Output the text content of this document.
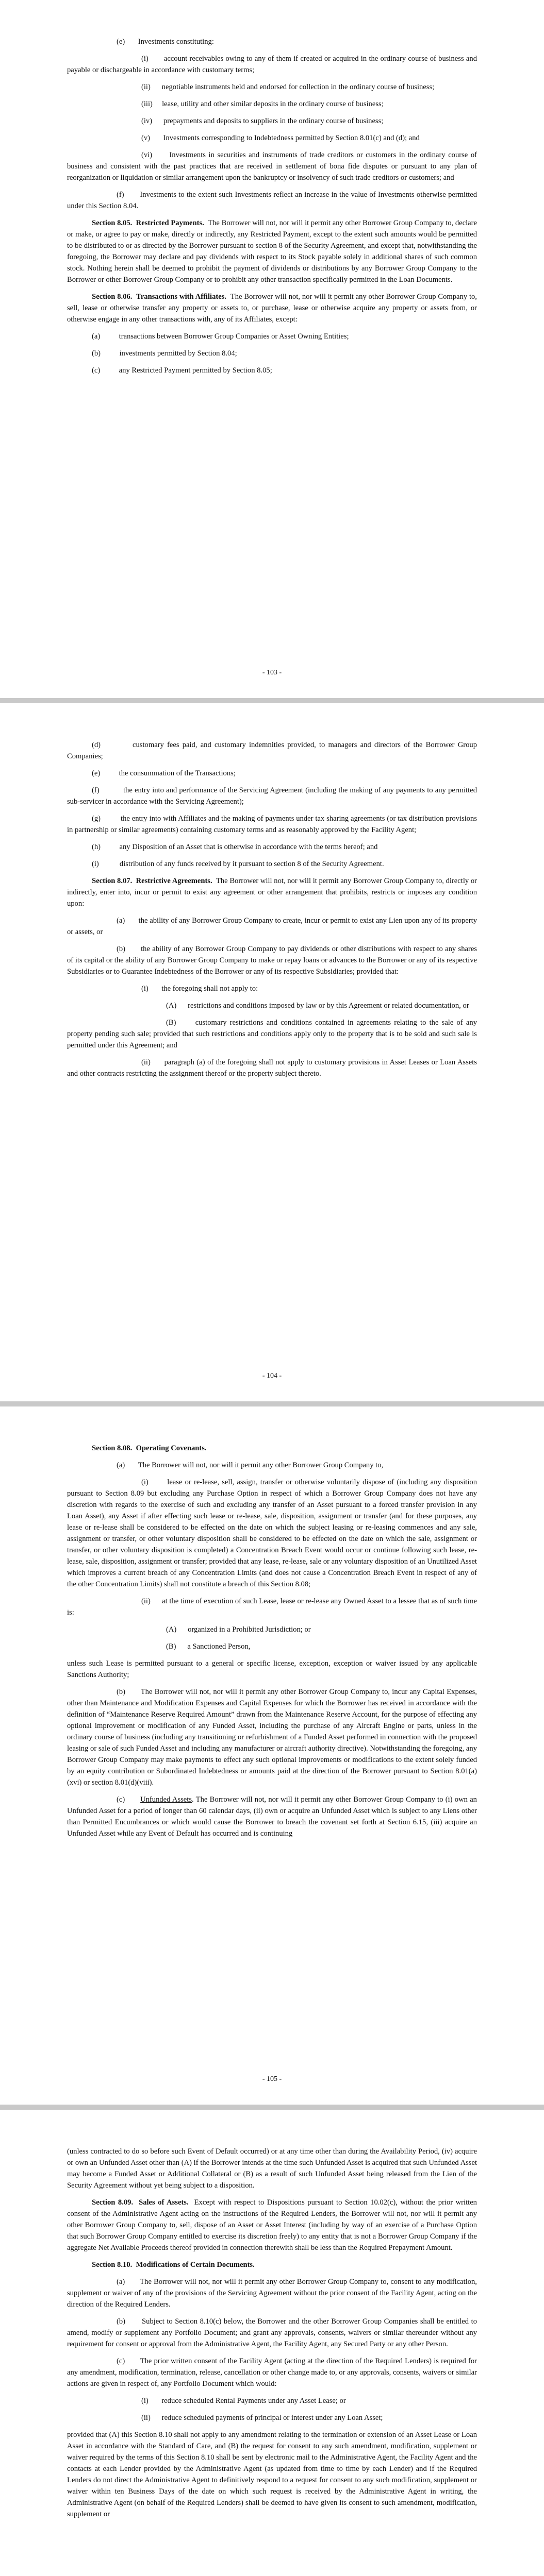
(e)       Investments constituting:

(i)       account receivables owing to any of them if created or acquired in the ordinary course of business and payable or dischargeable in accordance with customary terms;

(ii)      negotiable instruments held and endorsed for collection in the ordinary course of business;

(iii)     lease, utility and other similar deposits in the ordinary course of business;

(iv)      prepayments and deposits to suppliers in the ordinary course of business;

(v)       Investments corresponding to Indebtedness permitted by Section 8.01(c) and (d); and

(vi)      Investments in securities and instruments of trade creditors or customers in the ordinary course of business and consistent with the past practices that are received in settlement of bona fide disputes or pursuant to any plan of reorganization or liquidation or similar arrangement upon the bankruptcy or insolvency of such trade creditors or customers; and

(f)       Investments to the extent such Investments reflect an increase in the value of Investments otherwise permitted under this Section 8.04.

Section 8.05.  Restricted Payments.  The Borrower will not, nor will it permit any other Borrower Group Company to, declare or make, or agree to pay or make, directly or indirectly, any Restricted Payment, except to the extent such amounts would be permitted to be distributed to or as directed by the Borrower pursuant to section 8 of the Security Agreement, and except that, notwithstanding the foregoing, the Borrower may declare and pay dividends with respect to its Stock payable solely in additional shares of such common stock. Nothing herein shall be deemed to prohibit the payment of dividends or distributions by any Borrower Group Company to the Borrower or other Borrower Group Company or to prohibit any other transaction specifically permitted in the Loan Documents.

Section 8.06.  Transactions with Affiliates.  The Borrower will not, nor will it permit any other Borrower Group Company to, sell, lease or otherwise transfer any property or assets to, or purchase, lease or otherwise acquire any property or assets from, or otherwise engage in any other transactions with, any of its Affiliates, except:

(a)          transactions between Borrower Group Companies or Asset Owning Entities;

(b)          investments permitted by Section 8.04;

(c)          any Restricted Payment permitted by Section 8.05;

- 103 -

(d)          customary fees paid, and customary indemnities provided, to managers and directors of the Borrower Group Companies;

(e)          the consummation of the Transactions;

(f)           the entry into and performance of the Servicing Agreement (including the making of any payments to any permitted sub-servicer in accordance with the Servicing Agreement);

(g)          the entry into with Affiliates and the making of payments under tax sharing agreements (or tax distribution provisions in partnership or similar agreements) containing customary terms and as reasonably approved by the Facility Agent;

(h)          any Disposition of an Asset that is otherwise in accordance with the terms hereof; and

(i)           distribution of any funds received by it pursuant to section 8 of the Security Agreement.

Section 8.07.  Restrictive Agreements.  The Borrower will not, nor will it permit any Borrower Group Company to, directly or indirectly, enter into, incur or permit to exist any agreement or other arrangement that prohibits, restricts or imposes any condition upon:

(a)       the ability of any Borrower Group Company to create, incur or permit to exist any Lien upon any of its property or assets, or

(b)       the ability of any Borrower Group Company to pay dividends or other distributions with respect to any shares of its capital or the ability of any Borrower Group Company to make or repay loans or advances to the Borrower or any of its respective Subsidiaries or to Guarantee Indebtedness of the Borrower or any of its respective Subsidiaries; provided that:

(i)       the foregoing shall not apply to:

(A)      restrictions and conditions imposed by law or by this Agreement or related documentation, or

(B)      customary restrictions and conditions contained in agreements relating to the sale of any property pending such sale; provided that such restrictions and conditions apply only to the property that is to be sold and such sale is permitted under this Agreement; and

(ii)      paragraph (a) of the foregoing shall not apply to customary provisions in Asset Leases or Loan Assets and other contracts restricting the assignment thereof or the property subject thereto.

- 104 -

Section 8.08.  Operating Covenants.

(a)       The Borrower will not, nor will it permit any other Borrower Group Company to,

(i)       lease or re-lease, sell, assign, transfer or otherwise voluntarily dispose of (including any disposition pursuant to Section 8.09 but excluding any Purchase Option in respect of which a Borrower Group Company does not have any discretion with regards to the exercise of such and excluding any transfer of an Asset pursuant to a forced transfer provision in any Loan Asset), any Asset if after effecting such lease or re-lease, sale, disposition, assignment or transfer (and for these purposes, any lease or re-lease shall be considered to be effected on the date on which the subject leasing or re-leasing commences and any sale, assignment or transfer, or other voluntary disposition shall be considered to be effected on the date on which the sale, assignment or transfer, or other voluntary disposition is completed) a Concentration Breach Event would occur or continue following such lease, re-lease, sale, disposition, assignment or transfer; provided that any lease, re-lease, sale or any voluntary disposition of an Unutilized Asset which improves a current breach of any Concentration Limits (and does not cause a Concentration Breach Event in respect of any of the other Concentration Limits) shall not constitute a breach of this Section 8.08;

(ii)      at the time of execution of such Lease, lease or re-lease any Owned Asset to a lessee that as of such time is:

(A)      organized in a Prohibited Jurisdiction; or

(B)      a Sanctioned Person,

unless such Lease is permitted pursuant to a general or specific license, exception, exception or waiver issued by any applicable Sanctions Authority;

(b)       The Borrower will not, nor will it permit any other Borrower Group Company to, incur any Capital Expenses, other than Maintenance and Modification Expenses and Capital Expenses for which the Borrower has received in accordance with the definition of “Maintenance Reserve Required Amount” drawn from the Maintenance Reserve Account, for the purpose of effecting any optional improvement or modification of any Funded Asset, including the purchase of any Aircraft Engine or parts, unless in the ordinary course of business (including any transitioning or refurbishment of a Funded Asset performed in connection with the proposed leasing or sale of such Funded Asset and including any manufacturer or aircraft authority directive). Notwithstanding the foregoing, any Borrower Group Company may make payments to effect any such optional improvements or modifications to the extent solely funded by an equity contribution or Subordinated Indebtedness or amounts paid at the direction of the Borrower pursuant to Section 8.01(a)(xvi) or section 8.01(d)(viii).

(c)       Unfunded Assets. The Borrower will not, nor will it permit any other Borrower Group Company to (i) own an Unfunded Asset for a period of longer than 60 calendar days, (ii) own or acquire an Unfunded Asset which is subject to any Liens other than Permitted Encumbrances or which would cause the Borrower to breach the covenant set forth at Section 6.15, (iii) acquire an Unfunded Asset while any Event of Default has occurred and is continuing

- 105 -

(unless contracted to do so before such Event of Default occurred) or at any time other than during the Availability Period, (iv) acquire or own an Unfunded Asset other than (A) if the Borrower intends at the time such Unfunded Asset is acquired that such Unfunded Asset may become a Funded Asset or Additional Collateral or (B) as a result of such Unfunded Asset being released from the Lien of the Security Agreement without yet being subject to a disposition.

Section 8.09.  Sales of Assets.  Except with respect to Dispositions pursuant to Section 10.02(c), without the prior written consent of the Administrative Agent acting on the instructions of the Required Lenders, the Borrower will not, nor will it permit any other Borrower Group Company to, sell, dispose of an Asset or Asset Interest (including by way of an exercise of a Purchase Option that such Borrower Group Company entitled to exercise its discretion freely) to any entity that is not a Borrower Group Company if the aggregate Net Available Proceeds thereof provided in connection therewith shall be less than the Required Prepayment Amount.

Section 8.10.  Modifications of Certain Documents.

(a)       The Borrower will not, nor will it permit any other Borrower Group Company to, consent to any modification, supplement or waiver of any of the provisions of the Servicing Agreement without the prior consent of the Facility Agent, acting on the direction of the Required Lenders.

(b)       Subject to Section 8.10(c) below, the Borrower and the other Borrower Group Companies shall be entitled to amend, modify or supplement any Portfolio Document; and grant any approvals, consents, waivers or similar thereunder without any requirement for consent or approval from the Administrative Agent, the Facility Agent, any Secured Party or any other Person.

(c)       The prior written consent of the Facility Agent (acting at the direction of the Required Lenders) is required for any amendment, modification, termination, release, cancellation or other change made to, or any approvals, consents, waivers or similar actions are given in respect of, any Portfolio Document which would:

(i)       reduce scheduled Rental Payments under any Asset Lease; or

(ii)      reduce scheduled payments of principal or interest under any Loan Asset;

provided that (A) this Section 8.10 shall not apply to any amendment relating to the termination or extension of an Asset Lease or Loan Asset in accordance with the Standard of Care, and (B) the request for consent to any such amendment, modification, supplement or waiver required by the terms of this Section 8.10 shall be sent by electronic mail to the Administrative Agent, the Facility Agent and the contacts at each Lender provided by the Administrative Agent (as updated from time to time by each Lender) and if the Required Lenders do not direct the Administrative Agent to definitively respond to a request for consent to any such modification, supplement or waiver within ten Business Days of the date on which such request is received by the Administrative Agent in writing, the Administrative Agent (on behalf of the Required Lenders) shall be deemed to have given its consent to such amendment, modification, supplement or
